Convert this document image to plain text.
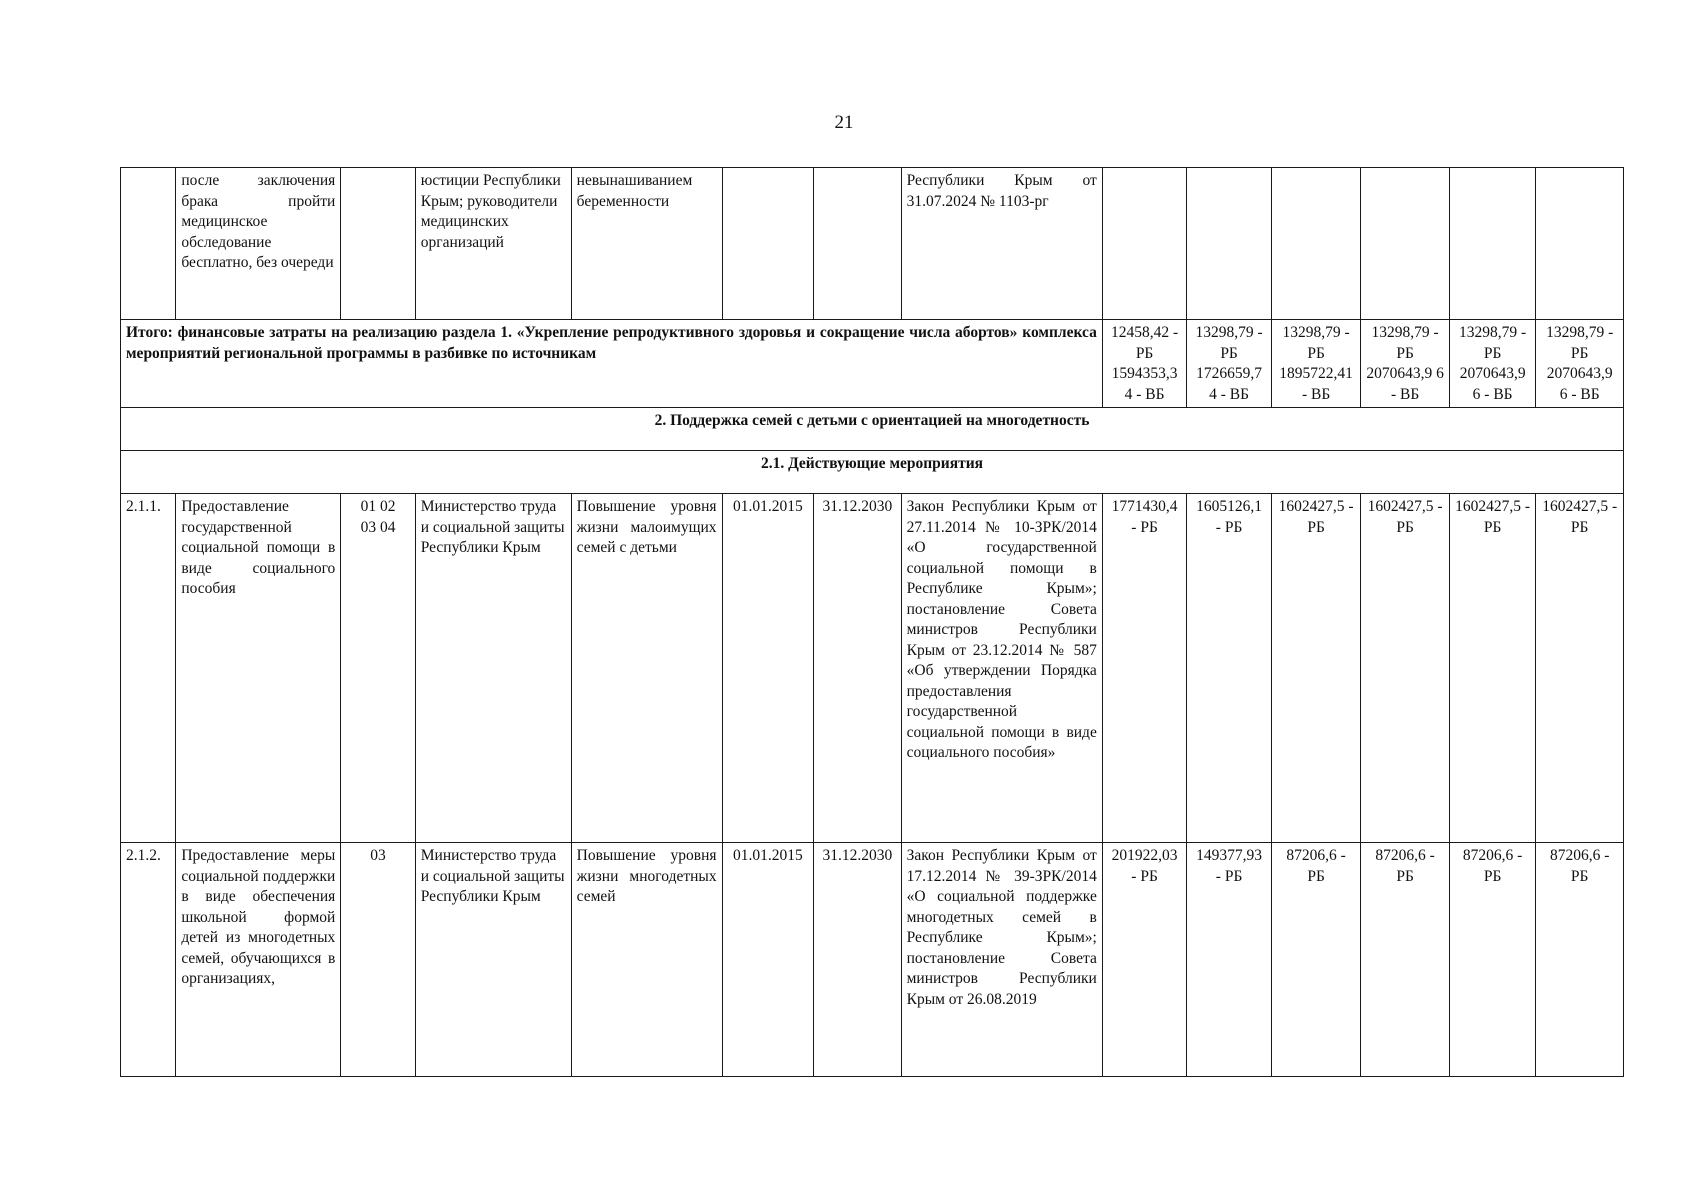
21
	после заключения брака пройти медицинское обследование бесплатно, без очереди		юстиции Республики Крым; руководители медицинских организаций	невынашиванием беременности			Республики Крым от 31.07.2024 № 1103-рг						
Итого: финансовые затраты на реализацию раздела 1. «Укрепление репродуктивного здоровья и сокращение числа абортов» комплекса мероприятий региональной программы в разбивке по источникам								12458,42 - РБ 1594353,3 4 - ВБ	13298,79 - РБ 1726659,7 4 - ВБ	13298,79 - РБ 1895722,41 - ВБ	13298,79 - РБ 2070643,9 6 - ВБ	13298,79 - РБ 2070643,9 6 - ВБ	13298,79 - РБ 2070643,9 6 - ВБ
2. Поддержка семей с детьми с ориентацией на многодетность													
2.1. Действующие мероприятия													
2.1.1.	Предоставление государственной социальной помощи в виде социального пособия	01 02 03 04	Министерство труда и социальной защиты Республики Крым	Повышение уровня жизни малоимущих семей с детьми	01.01.2015	31.12.2030	Закон Республики Крым от 27.11.2014 № 10-ЗРК/2014 «О государственной социальной помощи в Республике Крым»; постановление Совета министров Республики Крым от 23.12.2014 № 587 «Об утверждении Порядка предоставления государственной социальной помощи в виде социального пособия»	1771430,4 - РБ	1605126,1 - РБ	1602427,5 - РБ	1602427,5 - РБ	1602427,5 - РБ	1602427,5 - РБ
2.1.2.	Предоставление меры социальной поддержки в виде обеспечения школьной формой детей из многодетных семей, обучающихся в организациях,	03	Министерство труда и социальной защиты Республики Крым	Повышение уровня жизни многодетных семей	01.01.2015	31.12.2030	Закон Республики Крым от 17.12.2014 № 39-ЗРК/2014 «О социальной поддержке многодетных семей в Республике Крым»; постановление Совета министров Республики Крым от 26.08.2019	201922,03 - РБ	149377,93 - РБ	87206,6 - РБ	87206,6 - РБ	87206,6 - РБ	87206,6 - РБ
